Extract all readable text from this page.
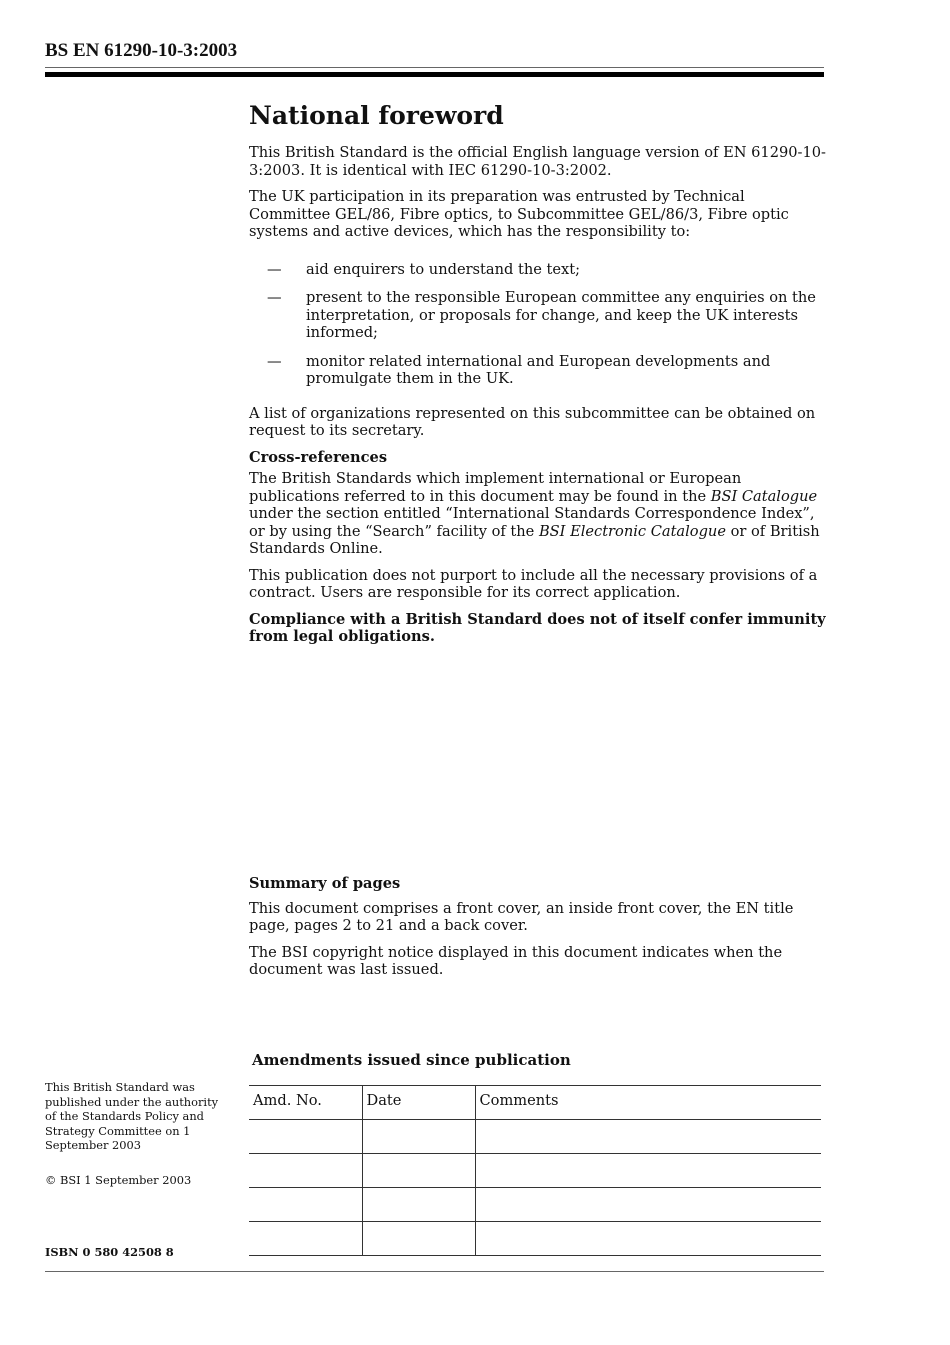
BS EN 61290-10-3:2003
National foreword

This British Standard is the official English language version of EN 61290-10-3:2003. It is identical with IEC 61290-10-3:2002.

The UK participation in its preparation was entrusted by Technical Committee GEL/86, Fibre optics, to Subcommittee GEL/86/3, Fibre optic systems and active devices, which has the responsibility to:

—	aid enquirers to understand the text;
—	present to the responsible European committee any enquiries on the interpretation, or proposals for change, and keep the UK interests informed;
—	monitor related international and European developments and promulgate them in the UK.

A list of organizations represented on this subcommittee can be obtained on request to its secretary.

Cross-references

The British Standards which implement international or European publications referred to in this document may be found in the BSI Catalogue under the section entitled “International Standards Correspondence Index”, or by using the “Search” facility of the BSI Electronic Catalogue or of British Standards Online.

This publication does not purport to include all the necessary provisions of a contract. Users are responsible for its correct application.

Compliance with a British Standard does not of itself confer immunity from legal obligations.

Summary of pages

This document comprises a front cover, an inside front cover, the EN title page, pages 2 to 21 and a back cover.

The BSI copyright notice displayed in this document indicates when the document was last issued.

This British Standard was published under the authority of the Standards Policy and Strategy Committee on 1 September 2003
© BSI 1 September 2003
ISBN 0 580 42508 8
Amendments issued since publication
Amd. No.	Date	Comments
